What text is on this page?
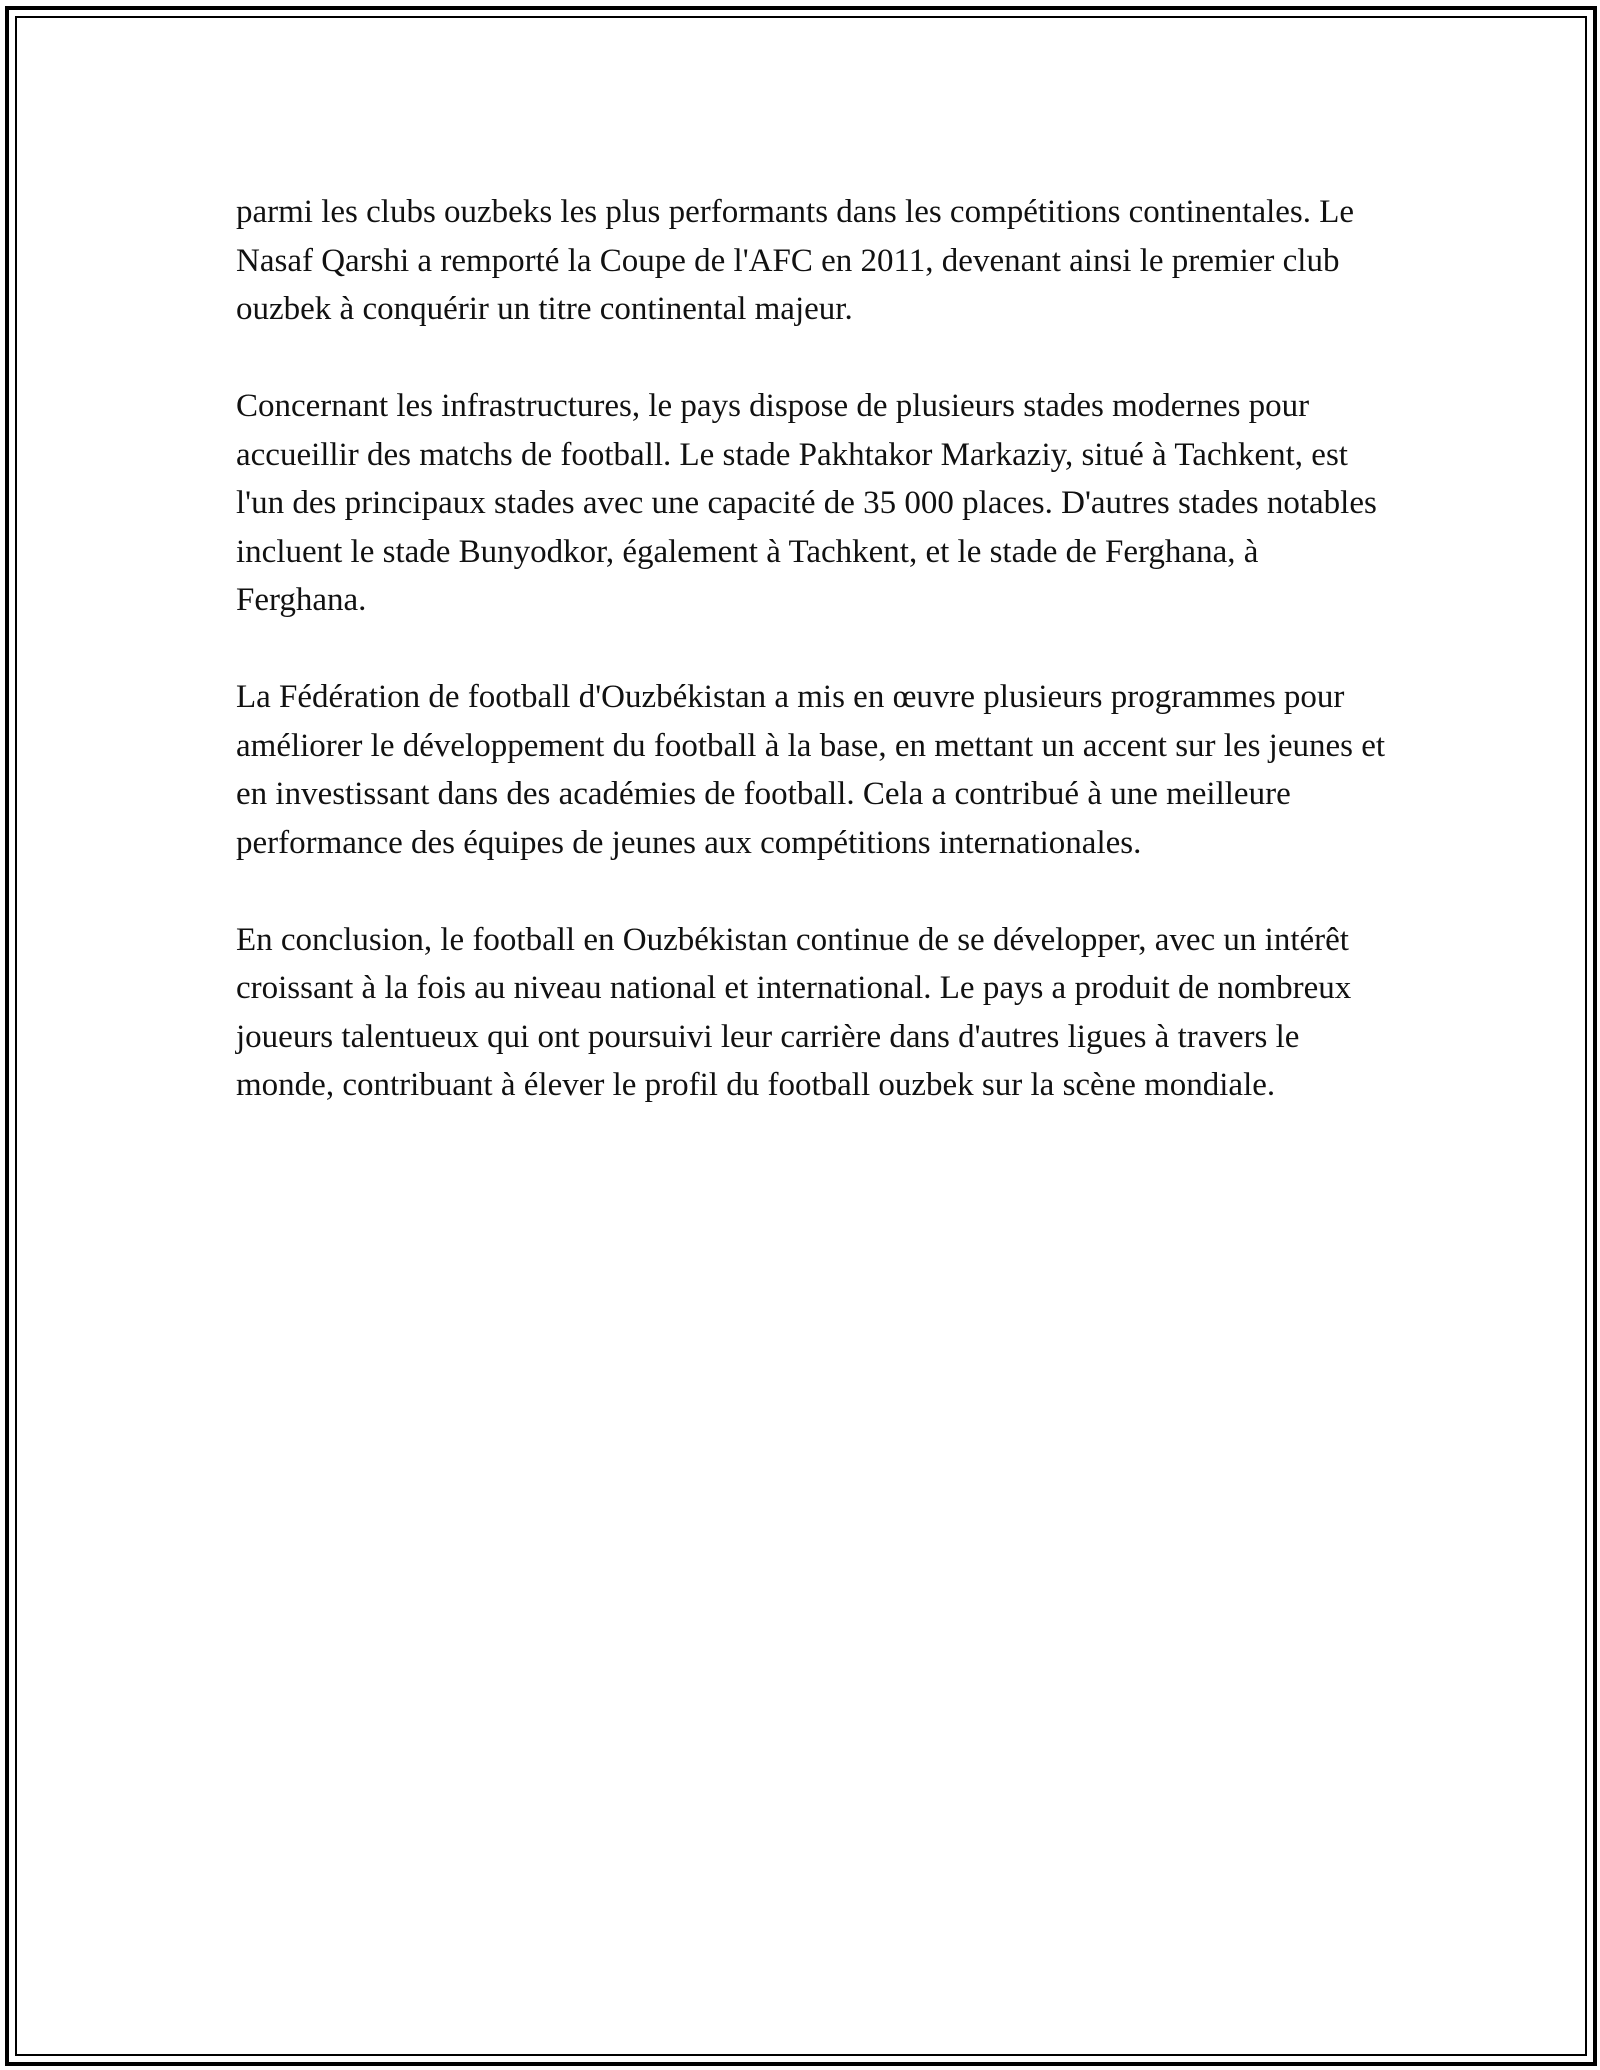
parmi les clubs ouzbeks les plus performants dans les compétitions continentales. Le Nasaf Qarshi a remporté la Coupe de l'AFC en 2011, devenant ainsi le premier club ouzbek à conquérir un titre continental majeur.

Concernant les infrastructures, le pays dispose de plusieurs stades modernes pour accueillir des matchs de football. Le stade Pakhtakor Markaziy, situé à Tachkent, est l'un des principaux stades avec une capacité de 35 000 places. D'autres stades notables incluent le stade Bunyodkor, également à Tachkent, et le stade de Ferghana, à Ferghana.

La Fédération de football d'Ouzbékistan a mis en œuvre plusieurs programmes pour améliorer le développement du football à la base, en mettant un accent sur les jeunes et en investissant dans des académies de football. Cela a contribué à une meilleure performance des équipes de jeunes aux compétitions internationales.

En conclusion, le football en Ouzbékistan continue de se développer, avec un intérêt croissant à la fois au niveau national et international. Le pays a produit de nombreux joueurs talentueux qui ont poursuivi leur carrière dans d'autres ligues à travers le monde, contribuant à élever le profil du football ouzbek sur la scène mondiale.
